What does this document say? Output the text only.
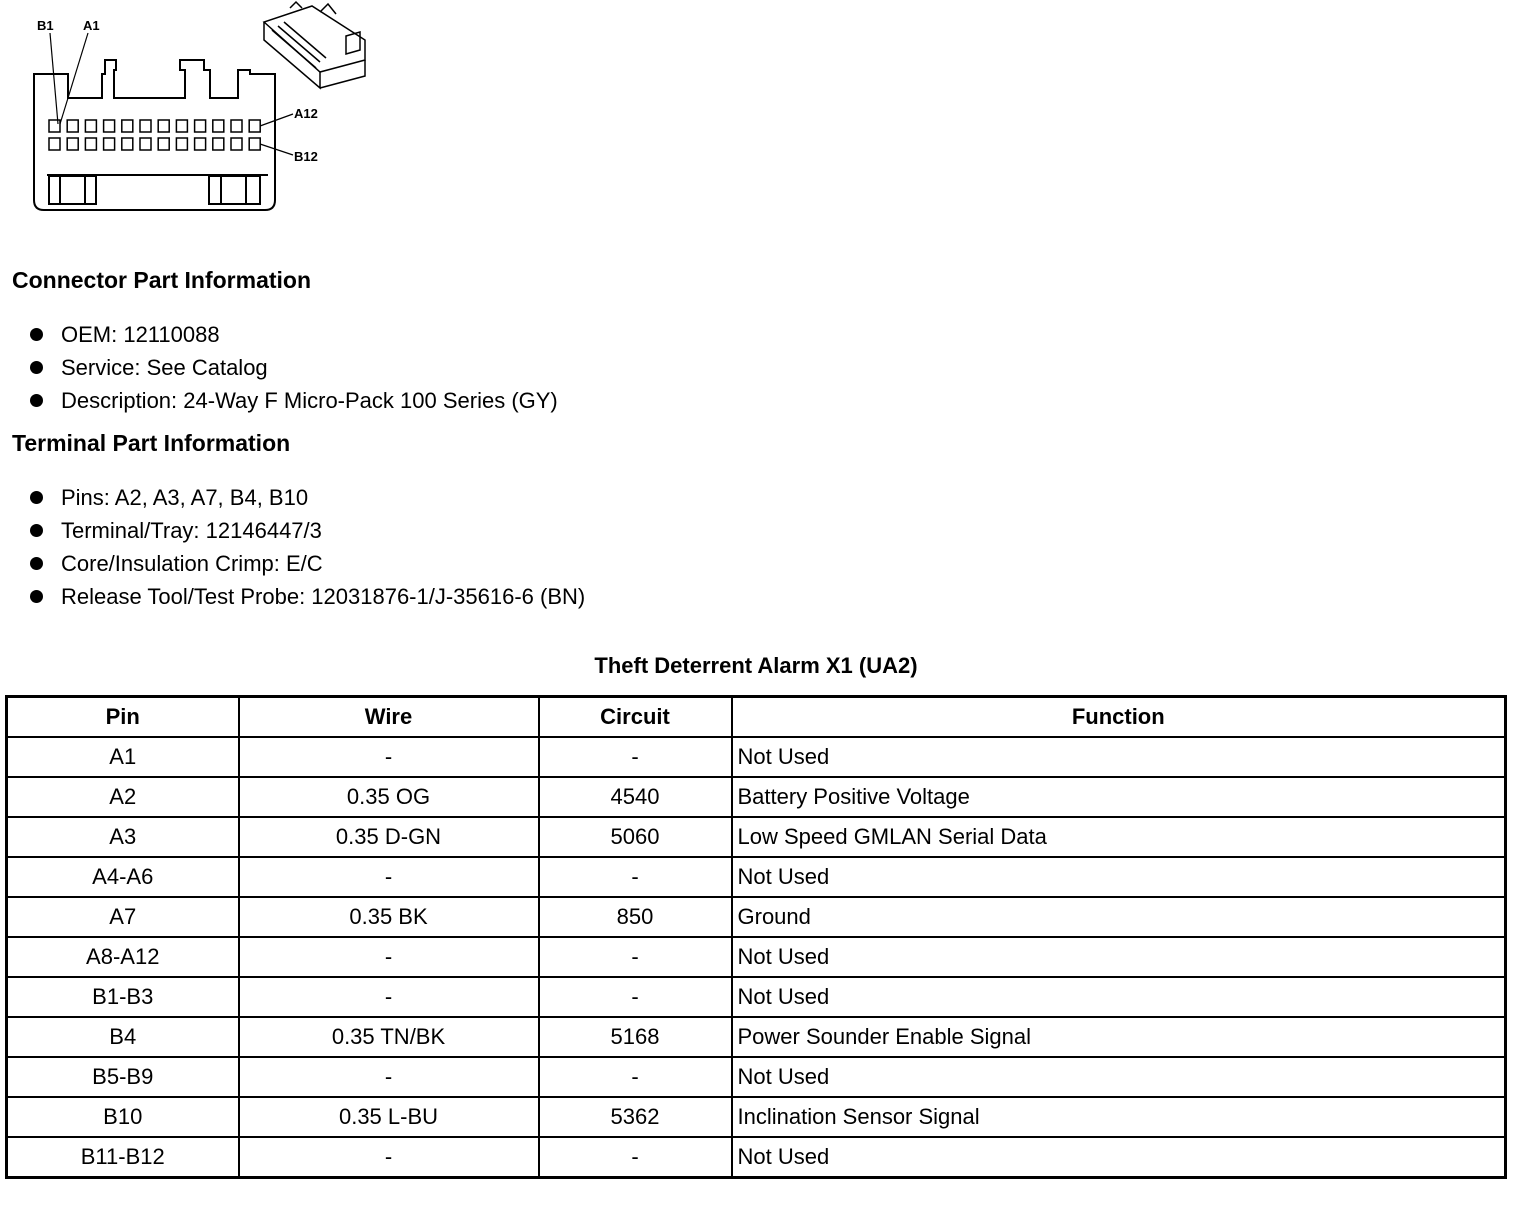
B1 A1
A12
B12
Connector Part Information
OEM: 12110088
Service: See Catalog
Description: 24-Way F Micro-Pack 100 Series (GY)
Terminal Part Information
Pins: A2, A3, A7, B4, B10
Terminal/Tray: 12146447/3
Core/Insulation Crimp: E/C
Release Tool/Test Probe: 12031876-1/J-35616-6 (BN)
Theft Deterrent Alarm X1 (UA2)
Pin	Wire	Circuit	Function
A1	-	-	Not Used
A2	0.35 OG	4540	Battery Positive Voltage
A3	0.35 D-GN	5060	Low Speed GMLAN Serial Data
A4-A6	-	-	Not Used
A7	0.35 BK	850	Ground
A8-A12	-	-	Not Used
B1-B3	-	-	Not Used
B4	0.35 TN/BK	5168	Power Sounder Enable Signal
B5-B9	-	-	Not Used
B10	0.35 L-BU	5362	Inclination Sensor Signal
B11-B12	-	-	Not Used
